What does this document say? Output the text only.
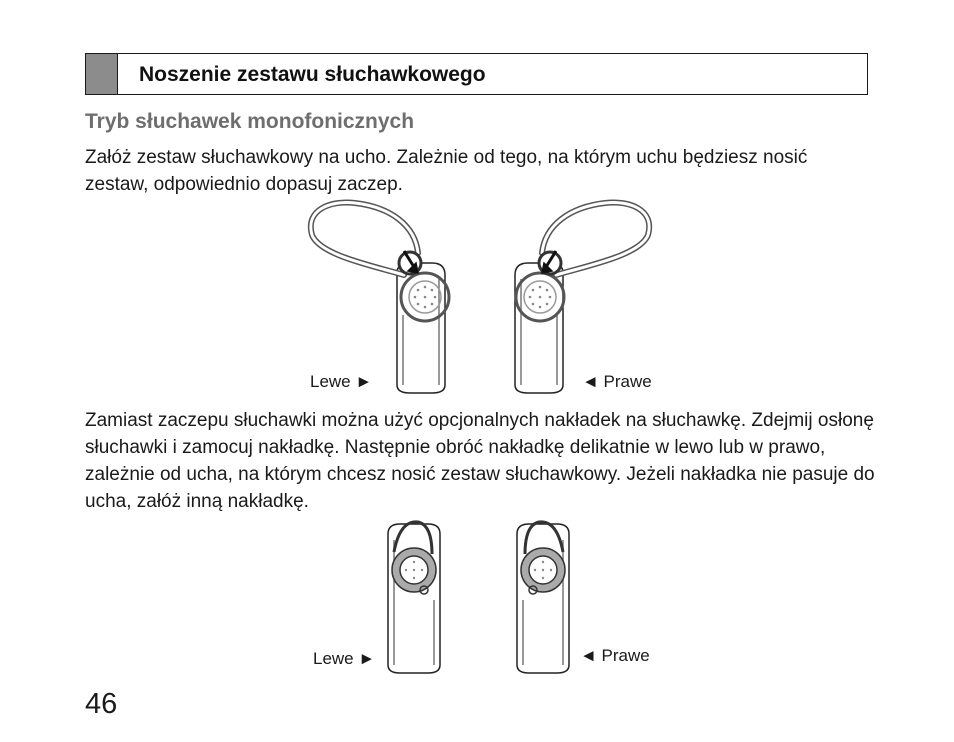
Noszenie zestawu słuchawkowego
Tryb słuchawek monofonicznych
Załóż zestaw słuchawkowy na ucho. Zależnie od tego, na którym uchu będziesz nosić zestaw, odpowiednio dopasuj zaczep.
Lewe ►	◄ Prawe
Zamiast zaczepu słuchawki można użyć opcjonalnych nakładek na słuchawkę. Zdejmij osłonę słuchawki i zamocuj nakładkę. Następnie obróć nakładkę delikatnie w lewo lub w prawo, zależnie od ucha, na którym chcesz nosić zestaw słuchawkowy. Jeżeli nakładka nie pasuje do ucha, załóż inną nakładkę.
Lewe ►	◄ Prawe
46
